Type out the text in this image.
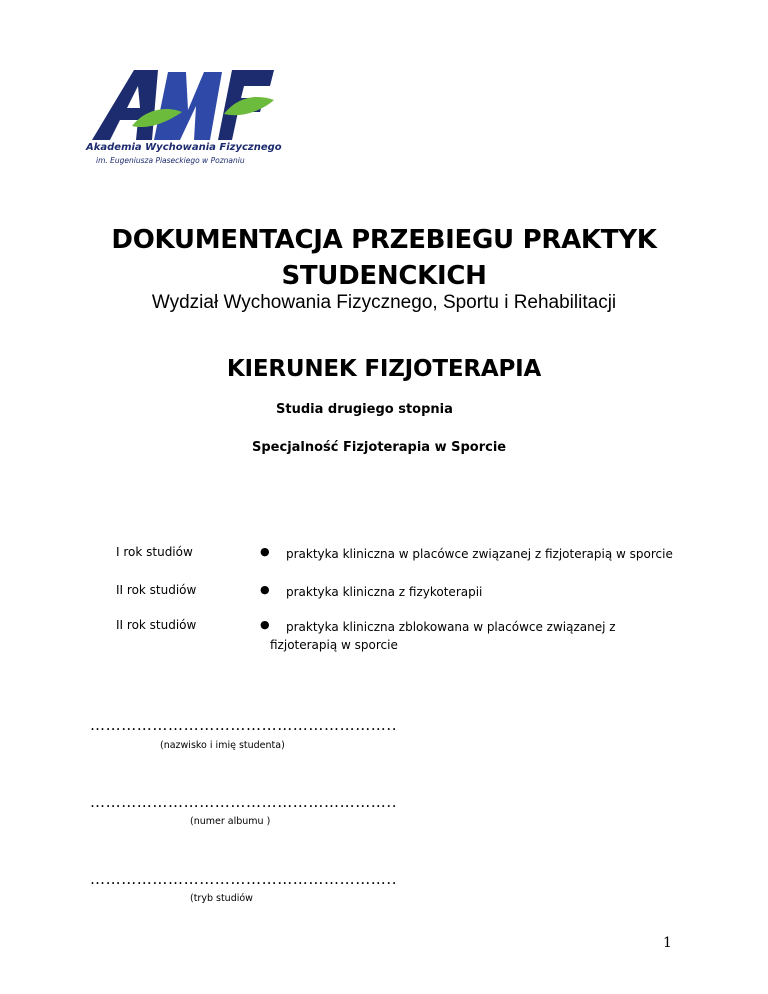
Akademia Wychowania Fizycznego
im. Eugeniusza Piaseckiego w Poznaniu
DOKUMENTACJA PRZEBIEGU PRAKTYK
STUDENCKICH
Wydział Wychowania Fizycznego, Sportu i Rehabilitacji
KIERUNEK FIZJOTERAPIA
Studia drugiego stopnia
Specjalność Fizjoterapia w Sporcie
I rok studiów	● praktyka kliniczna w placówce związanej z fizjoterapią w sporcie
II rok studiów	● praktyka kliniczna z fizykoterapii
II rok studiów	●	praktyka kliniczna zblokowana w placówce związanej z fizjoterapią w sporcie
…………………………………………………..
(nazwisko i imię studenta)
…………………………………………………..
(numer albumu )
…………………………………………………..
(tryb studiów
1
